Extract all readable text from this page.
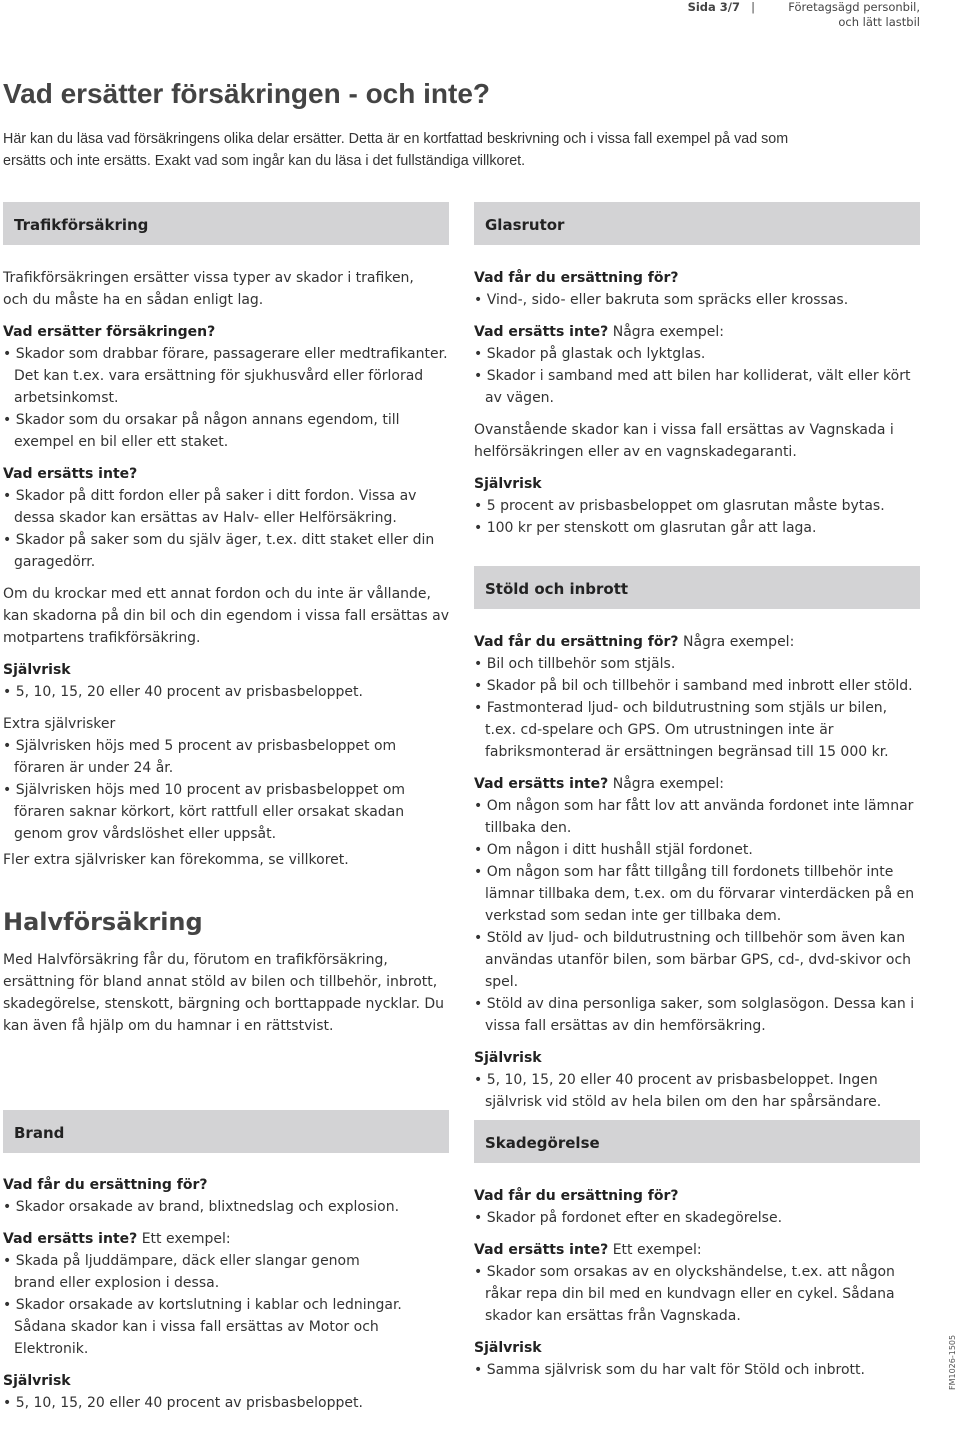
Sida 3/7 |	Företagsägd personbil,
och lätt lastbil
Vad ersätter försäkringen - och inte?
Här kan du läsa vad försäkringens olika delar ersätter. Detta är en kortfattad beskrivning och i vissa fall exempel på vad som
ersätts och inte ersätts. Exakt vad som ingår kan du läsa i det fullständiga villkoret.
Trafikförsäkring

Trafikförsäkringen ersätter vissa typer av skador i trafiken, och du måste ha en sådan enligt lag.

Vad ersätter försäkringen?

• Skador som drabbar förare, passagerare eller medtrafikanter. Det kan t.ex. vara ersättning för sjukhusvård eller förlorad arbetsinkomst.

• Skador som du orsakar på någon annans egendom, till exempel en bil eller ett staket.

Vad ersätts inte?

• Skador på ditt fordon eller på saker i ditt fordon. Vissa av dessa skador kan ersättas av Halv- eller Helförsäkring.

• Skador på saker som du själv äger, t.ex. ditt staket eller din garagedörr.

Om du krockar med ett annat fordon och du inte är vållande, kan skadorna på din bil och din egendom i vissa fall ersättas av motpartens trafikförsäkring.

Självrisk

• 5, 10, 15, 20 eller 40 procent av prisbasbeloppet.

Extra självrisker

• Självrisken höjs med 5 procent av prisbasbeloppet om föraren är under 24 år.

• Självrisken höjs med 10 procent av prisbasbeloppet om föraren saknar körkort, kört rattfull eller orsakat skadan genom grov vårdslöshet eller uppsåt.

Fler extra självrisker kan förekomma, se villkoret.

Halvförsäkring

Med Halvförsäkring får du, förutom en trafikförsäkring, ersättning för bland annat stöld av bilen och tillbehör, inbrott, skadegörelse, stenskott, bärgning och borttappade nycklar. Du kan även få hjälp om du hamnar i en rättstvist.

Brand

Vad får du ersättning för?

• Skador orsakade av brand, blixtnedslag och explosion.

Vad ersätts inte? Ett exempel:

• Skada på ljuddämpare, däck eller slangar genom brand eller explosion i dessa.

• Skador orsakade av kortslutning i kablar och ledningar. Sådana skador kan i vissa fall ersättas av Motor och Elektronik.

Självrisk

• 5, 10, 15, 20 eller 40 procent av prisbasbeloppet.

Glasrutor

Vad får du ersättning för?

• Vind-, sido- eller bakruta som spräcks eller krossas.

Vad ersätts inte? Några exempel:

• Skador på glastak och lyktglas.

• Skador i samband med att bilen har kolliderat, vält eller kört av vägen.

Ovanstående skador kan i vissa fall ersättas av Vagnskada i helförsäkringen eller av en vagnskadegaranti.

Självrisk

• 5 procent av prisbasbeloppet om glasrutan måste bytas.

• 100 kr per stenskott om glasrutan går att laga.

Stöld och inbrott

Vad får du ersättning för? Några exempel:

• Bil och tillbehör som stjäls.

• Skador på bil och tillbehör i samband med inbrott eller stöld.

• Fastmonterad ljud- och bildutrustning som stjäls ur bilen, t.ex. cd-spelare och GPS. Om utrustningen inte är fabriksmonterad är ersättningen begränsad till 15 000 kr.

Vad ersätts inte? Några exempel:

• Om någon som har fått lov att använda fordonet inte lämnar tillbaka den.

• Om någon i ditt hushåll stjäl fordonet.

• Om någon som har fått tillgång till fordonets tillbehör inte lämnar tillbaka dem, t.ex. om du förvarar vinterdäcken på en verkstad som sedan inte ger tillbaka dem.

• Stöld av ljud- och bildutrustning och tillbehör som även kan användas utanför bilen, som bärbar GPS, cd-, dvd-skivor och spel.

• Stöld av dina personliga saker, som solglasögon. Dessa kan i vissa fall ersättas av din hemförsäkring.

Självrisk

• 5, 10, 15, 20 eller 40 procent av prisbasbeloppet. Ingen självrisk vid stöld av hela bilen om den har spårsändare.

Skadegörelse

Vad får du ersättning för?

• Skador på fordonet efter en skadegörelse.

Vad ersätts inte? Ett exempel:

• Skador som orsakas av en olyckshändelse, t.ex. att någon råkar repa din bil med en kundvagn eller en cykel. Sådana skador kan ersättas från Vagnskada.

Självrisk

• Samma självrisk som du har valt för Stöld och inbrott.	FM1026-1505
